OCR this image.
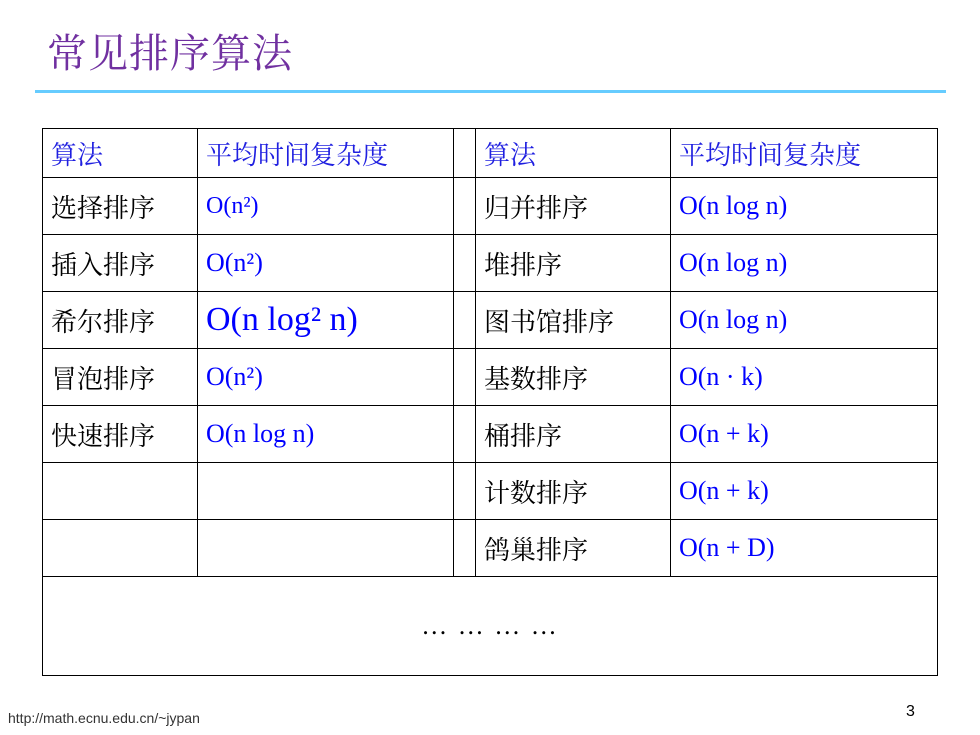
常见排序算法
算法	平均时间复杂度		算法	平均时间复杂度
选择排序	O(n²)		归并排序	O(n log n)
插入排序	O(n²)		堆排序	O(n log n)
希尔排序	O(n log² n)		图书馆排序	O(n log n)
冒泡排序	O(n²)		基数排序	O(n · k)
快速排序	O(n log n)		桶排序	O(n + k)
			计数排序	O(n + k)
			鸽巢排序	O(n + D)
… … … …				
http://math.ecnu.edu.cn/~jypan	3
